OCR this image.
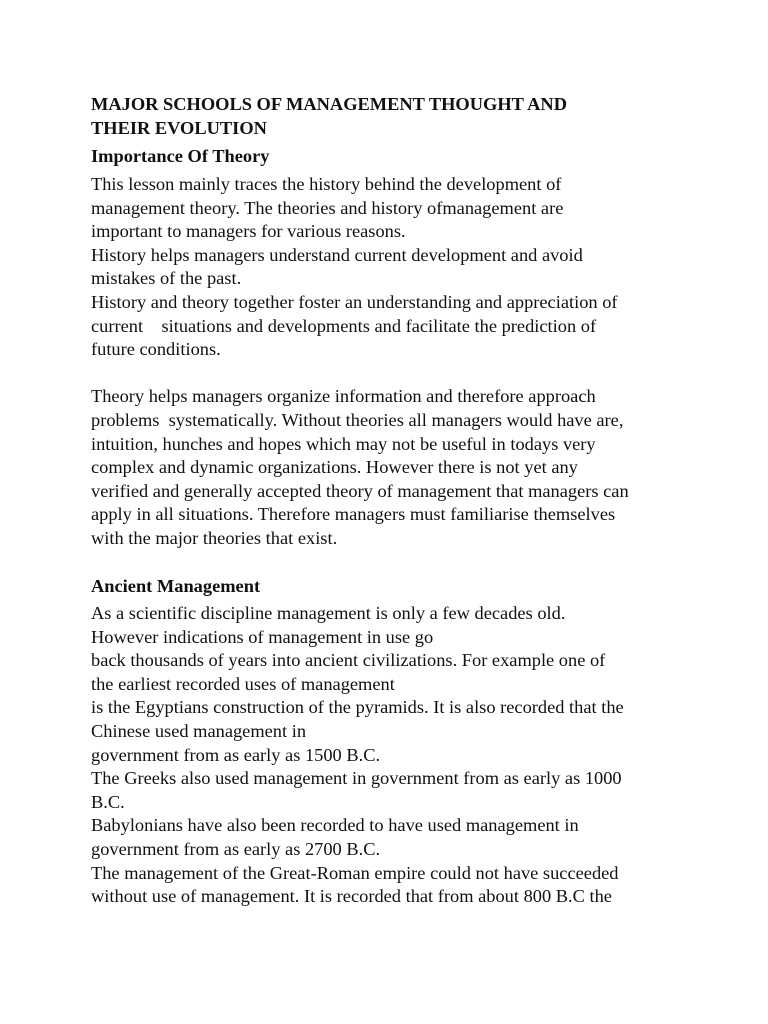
MAJOR SCHOOLS OF MANAGEMENT THOUGHT AND
THEIR EVOLUTION
Importance Of Theory

This lesson mainly traces the history behind the development of

management theory. The theories and history ofmanagement are

important to managers for various reasons.

History helps managers understand current development and avoid

mistakes of the past.

History and theory together foster an understanding and appreciation of

current    situations and developments and facilitate the prediction of

future conditions.

Theory helps managers organize information and therefore approach

problems  systematically. Without theories all managers would have are,

intuition, hunches and hopes which may not be useful in todays very

complex and dynamic organizations. However there is not yet any

verified and generally accepted theory of management that managers can

apply in all situations. Therefore managers must familiarise themselves

with the major theories that exist.

Ancient Management

As a scientific discipline management is only a few decades old.

However indications of management in use go

back thousands of years into ancient civilizations. For example one of

the earliest recorded uses of management

is the Egyptians construction of the pyramids. It is also recorded that the

Chinese used management in

government from as early as 1500 B.C.

The Greeks also used management in government from as early as 1000

B.C.

Babylonians have also been recorded to have used management in

government from as early as 2700 B.C.

The management of the Great-Roman empire could not have succeeded

without use of management. It is recorded that from about 800 B.C the
